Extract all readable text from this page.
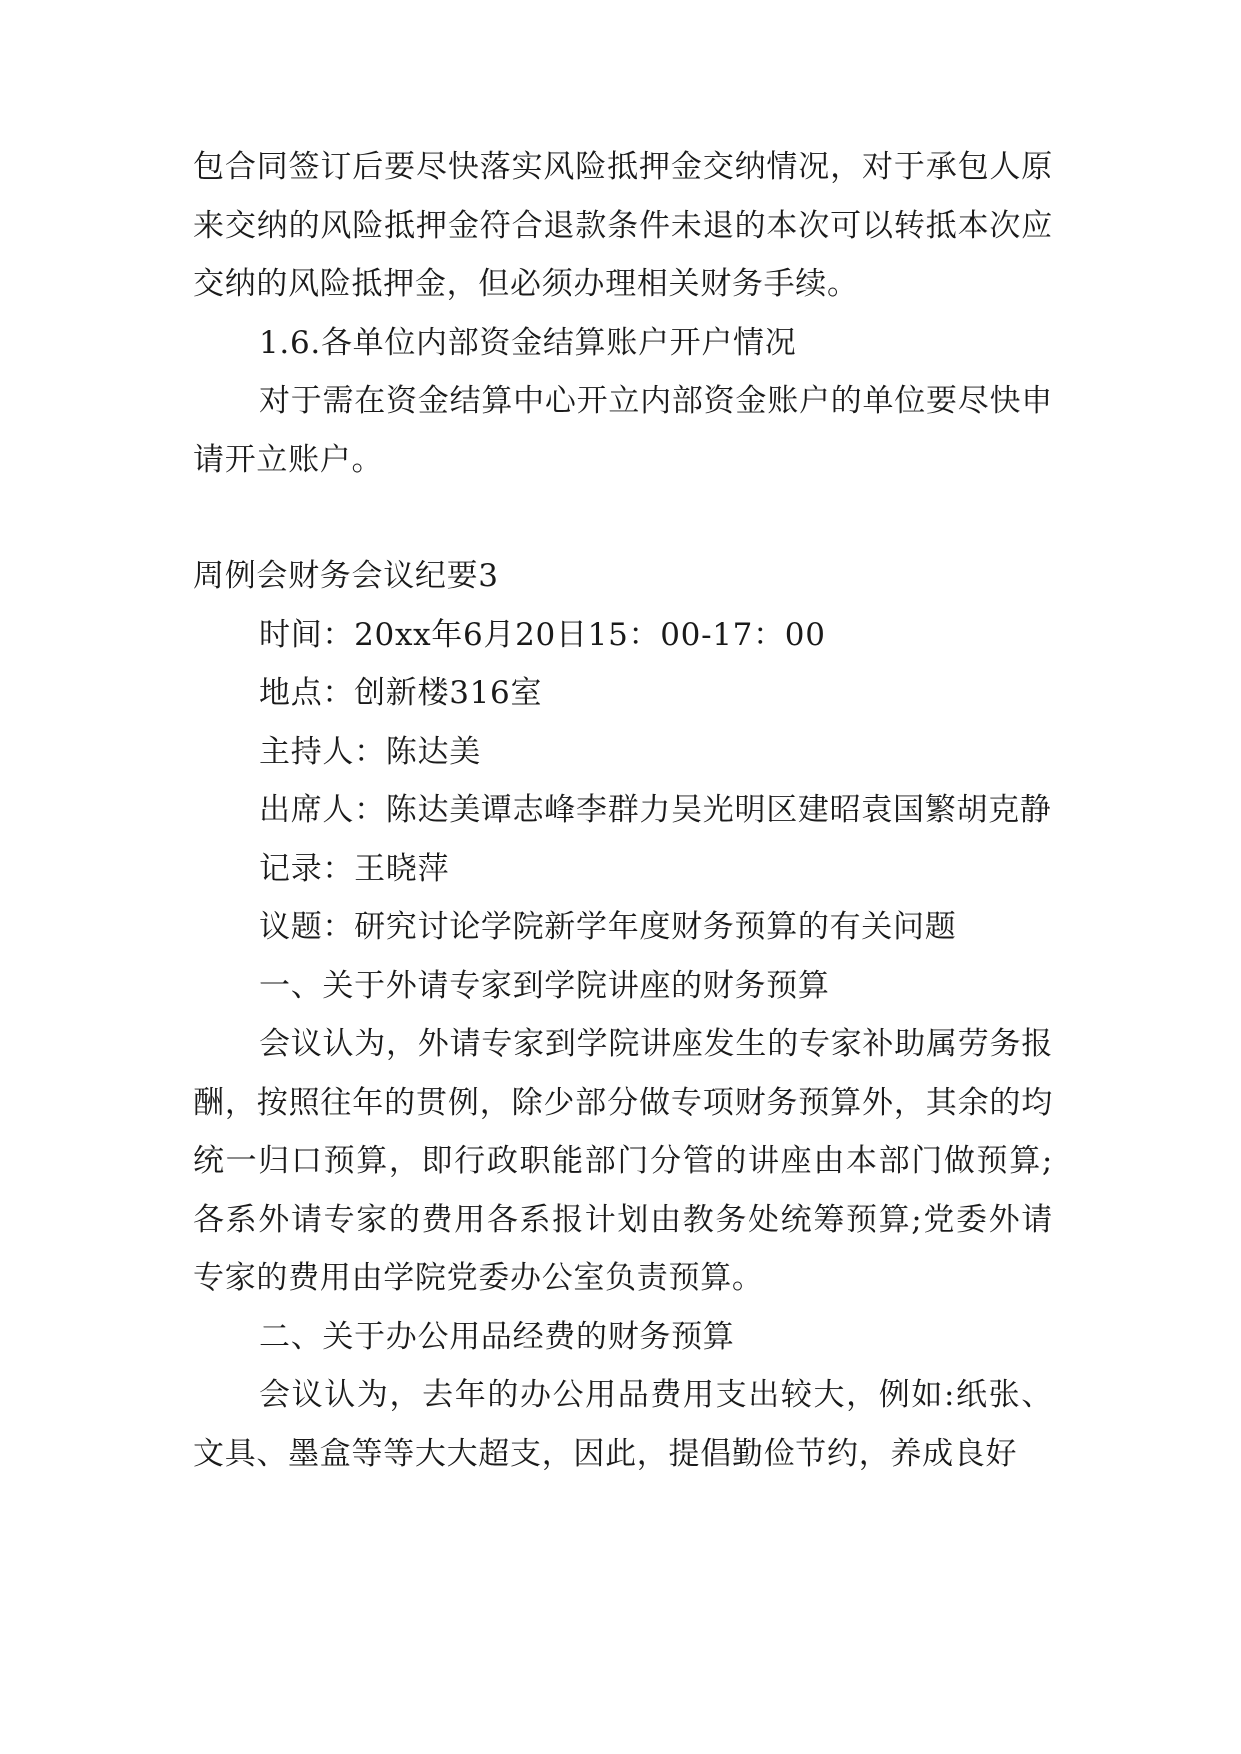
包合同签订后要尽快落实风险抵押金交纳情况，对于承包人原来交纳的风险抵押金符合退款条件未退的本次可以转抵本次应交纳的风险抵押金，但必须办理相关财务手续。

1.6.各单位内部资金结算账户开户情况

对于需在资金结算中心开立内部资金账户的单位要尽快申请开立账户。

周例会财务会议纪要3

时间：20xx年6月20日15：00-17：00

地点：创新楼316室

主持人：陈达美

出席人：陈达美谭志峰李群力吴光明区建昭袁国繁胡克静

记录：王晓萍

议题：研究讨论学院新学年度财务预算的有关问题

一、关于外请专家到学院讲座的财务预算

会议认为，外请专家到学院讲座发生的专家补助属劳务报酬，按照往年的贯例，除少部分做专项财务预算外，其余的均统一归口预算，即行政职能部门分管的讲座由本部门做预算;各系外请专家的费用各系报计划由教务处统筹预算;党委外请专家的费用由学院党委办公室负责预算。

二、关于办公用品经费的财务预算

会议认为，去年的办公用品费用支出较大，例如:纸张、文具、墨盒等等大大超支，因此，提倡勤俭节约，养成良好
